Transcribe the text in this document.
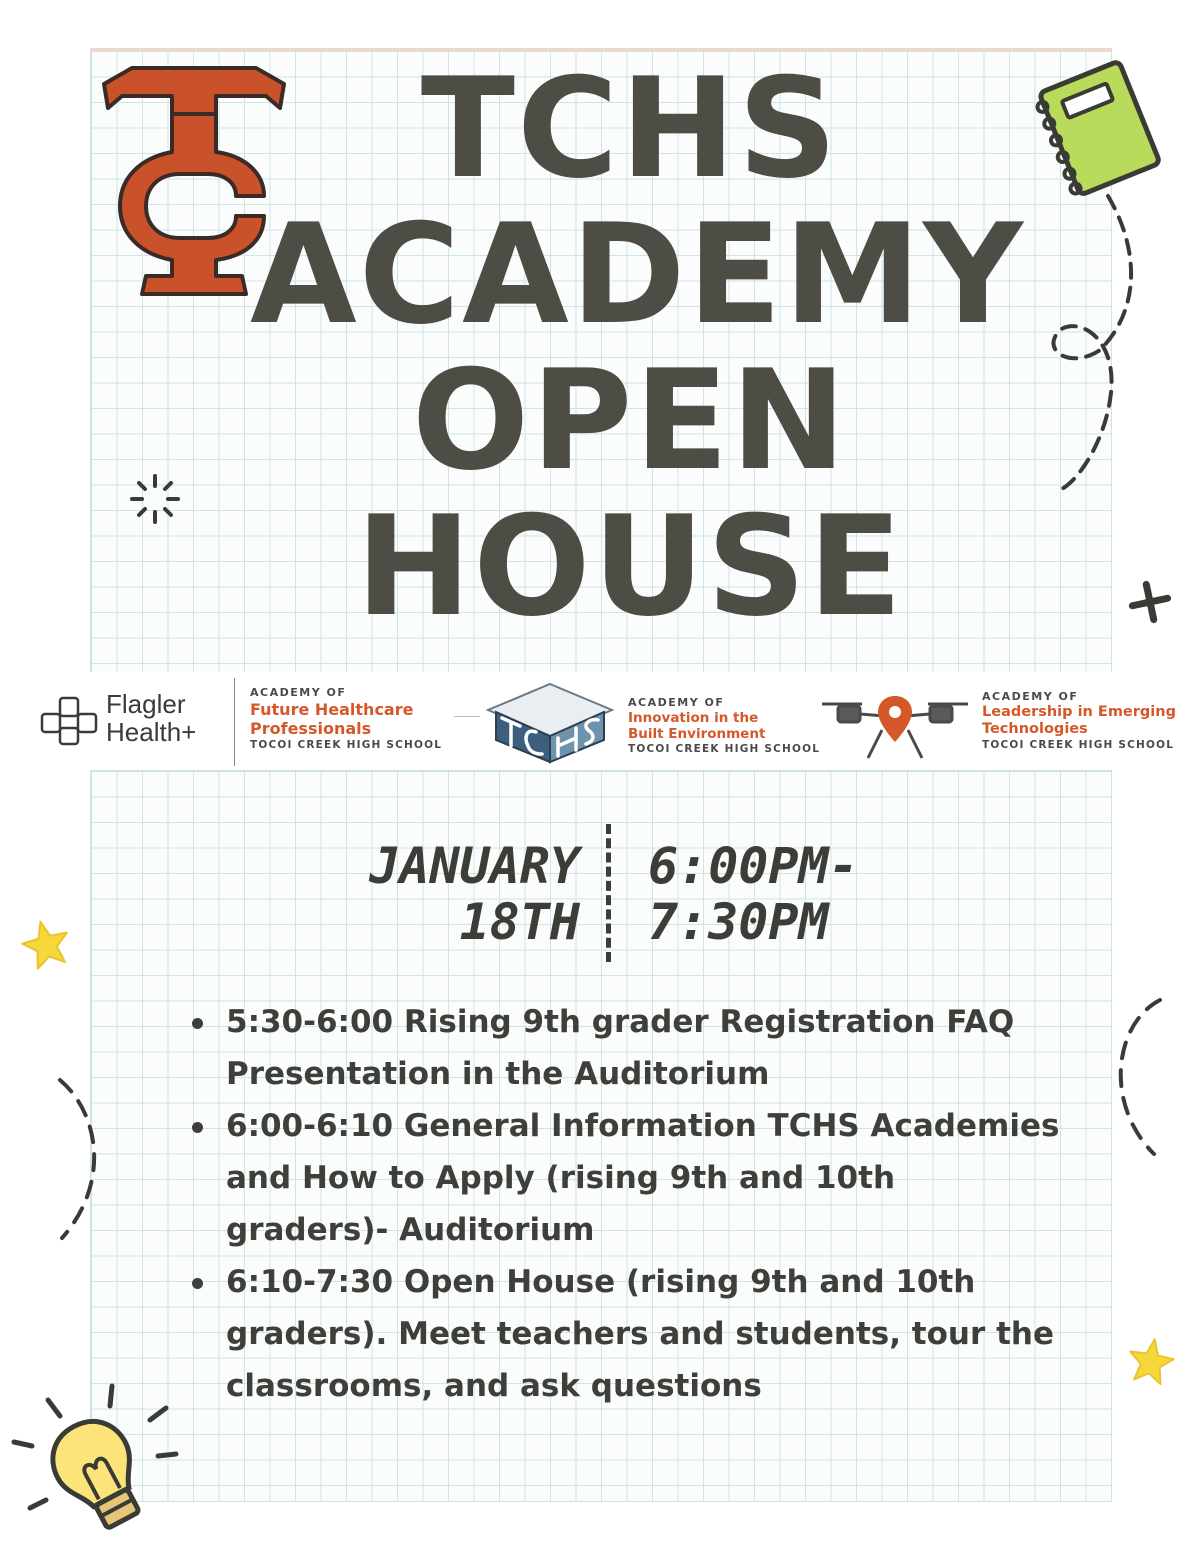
TCHS
ACADEMY
OPEN
HOUSE
Flagler
Health+
ACADEMY OF
Future Healthcare
Professionals
TOCOI CREEK HIGH SCHOOL
ACADEMY OF
Innovation in the
Built Environment
TOCOI CREEK HIGH SCHOOL
ACADEMY OF
Leadership in Emerging
Technologies
TOCOI CREEK HIGH SCHOOL
JANUARY
18TH
6:00PM-
7:30PM
5:30-6:00 Rising 9th grader Registration FAQ Presentation in the Auditorium
6:00-6:10 General Information TCHS Academies and How to Apply (rising 9th and 10th graders)- Auditorium
6:10-7:30 Open House (rising 9th and 10th graders). Meet teachers and students, tour the classrooms, and ask questions
